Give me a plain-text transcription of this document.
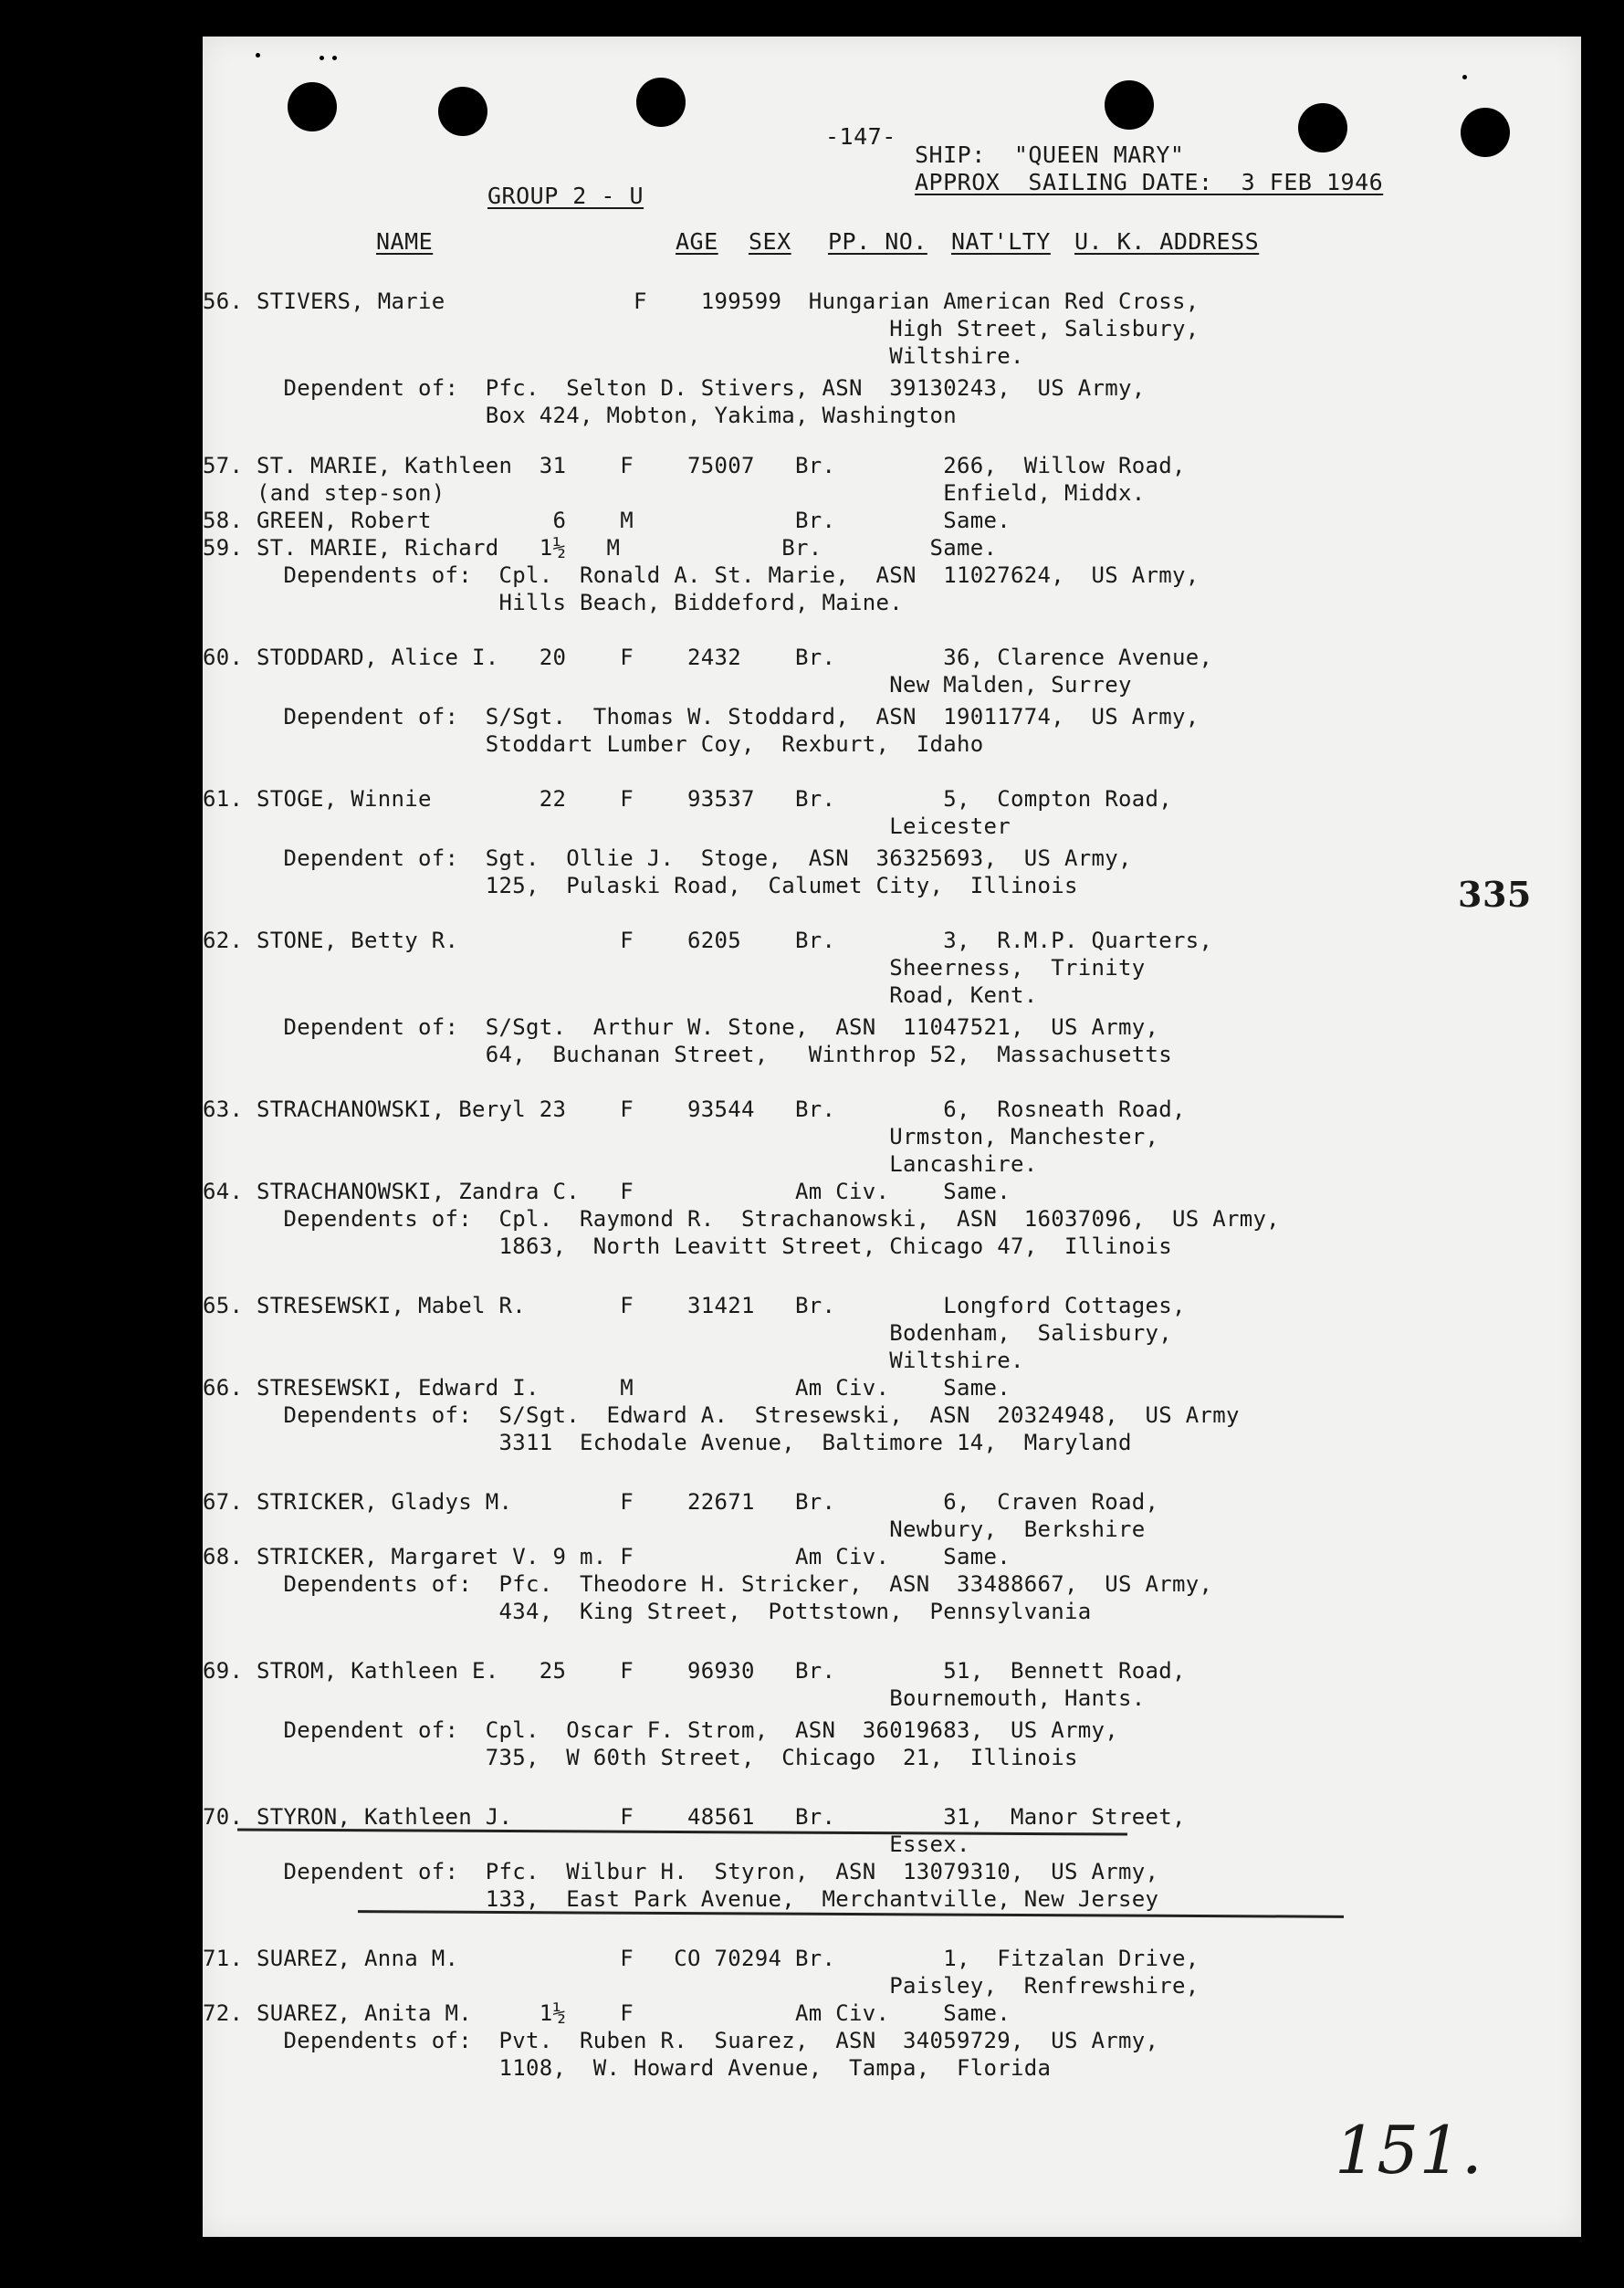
-147-
SHIP:  "QUEEN MARY"
APPROX  SAILING DATE:  3 FEB 1946
GROUP 2 - U
NAME	AGE SEX PP. NO. NAT'LTY U. K. ADDRESS
56. STIVERS, Marie              F    199599  Hungarian American Red Cross,
High Street, Salisbury,
Wiltshire.
Dependent of:  Pfc.  Selton D. Stivers, ASN  39130243,  US Army,
Box 424, Mobton, Yakima, Washington
57. ST. MARIE, Kathleen  31    F    75007   Br.        266,  Willow Road,
(and step-son)                                     Enfield, Middx.
58. GREEN, Robert         6    M            Br.        Same.
59. ST. MARIE, Richard   1½   M            Br.        Same.
Dependents of:  Cpl.  Ronald A. St. Marie,  ASN  11027624,  US Army,
Hills Beach, Biddeford, Maine.
60. STODDARD, Alice I.   20    F    2432    Br.        36, Clarence Avenue,
New Malden, Surrey
Dependent of:  S/Sgt.  Thomas W. Stoddard,  ASN  19011774,  US Army,
Stoddart Lumber Coy,  Rexburt,  Idaho
61. STOGE, Winnie        22    F    93537   Br.        5,  Compton Road,
Leicester
Dependent of:  Sgt.  Ollie J.  Stoge,  ASN  36325693,  US Army,
125,  Pulaski Road,  Calumet City,  Illinois
62. STONE, Betty R.            F    6205    Br.        3,  R.M.P. Quarters,
Sheerness,  Trinity
Road, Kent.
Dependent of:  S/Sgt.  Arthur W. Stone,  ASN  11047521,  US Army,
64,  Buchanan Street,   Winthrop 52,  Massachusetts
63. STRACHANOWSKI, Beryl 23    F    93544   Br.        6,  Rosneath Road,
Urmston, Manchester,
Lancashire.
64. STRACHANOWSKI, Zandra C.   F            Am Civ.    Same.
Dependents of:  Cpl.  Raymond R.  Strachanowski,  ASN  16037096,  US Army,
1863,  North Leavitt Street, Chicago 47,  Illinois
65. STRESEWSKI, Mabel R.       F    31421   Br.        Longford Cottages,
Bodenham,  Salisbury,
Wiltshire.
66. STRESEWSKI, Edward I.      M            Am Civ.    Same.
Dependents of:  S/Sgt.  Edward A.  Stresewski,  ASN  20324948,  US Army
3311  Echodale Avenue,  Baltimore 14,  Maryland
67. STRICKER, Gladys M.        F    22671   Br.        6,  Craven Road,
Newbury,  Berkshire
68. STRICKER, Margaret V. 9 m. F            Am Civ.    Same.
Dependents of:  Pfc.  Theodore H. Stricker,  ASN  33488667,  US Army,
434,  King Street,  Pottstown,  Pennsylvania
69. STROM, Kathleen E.   25    F    96930   Br.        51,  Bennett Road,
Bournemouth, Hants.
Dependent of:  Cpl.  Oscar F. Strom,  ASN  36019683,  US Army,
735,  W 60th Street,  Chicago  21,  Illinois
70. STYRON, Kathleen J.        F    48561   Br.        31,  Manor Street,
Essex.
Dependent of:  Pfc.  Wilbur H.  Styron,  ASN  13079310,  US Army,
133,  East Park Avenue,  Merchantville, New Jersey
71. SUAREZ, Anna M.            F   CO 70294 Br.        1,  Fitzalan Drive,
Paisley,  Renfrewshire,
72. SUAREZ, Anita M.     1½    F            Am Civ.    Same.
Dependents of:  Pvt.  Ruben R.  Suarez,  ASN  34059729,  US Army,
1108,  W. Howard Avenue,  Tampa,  Florida
335
151.
